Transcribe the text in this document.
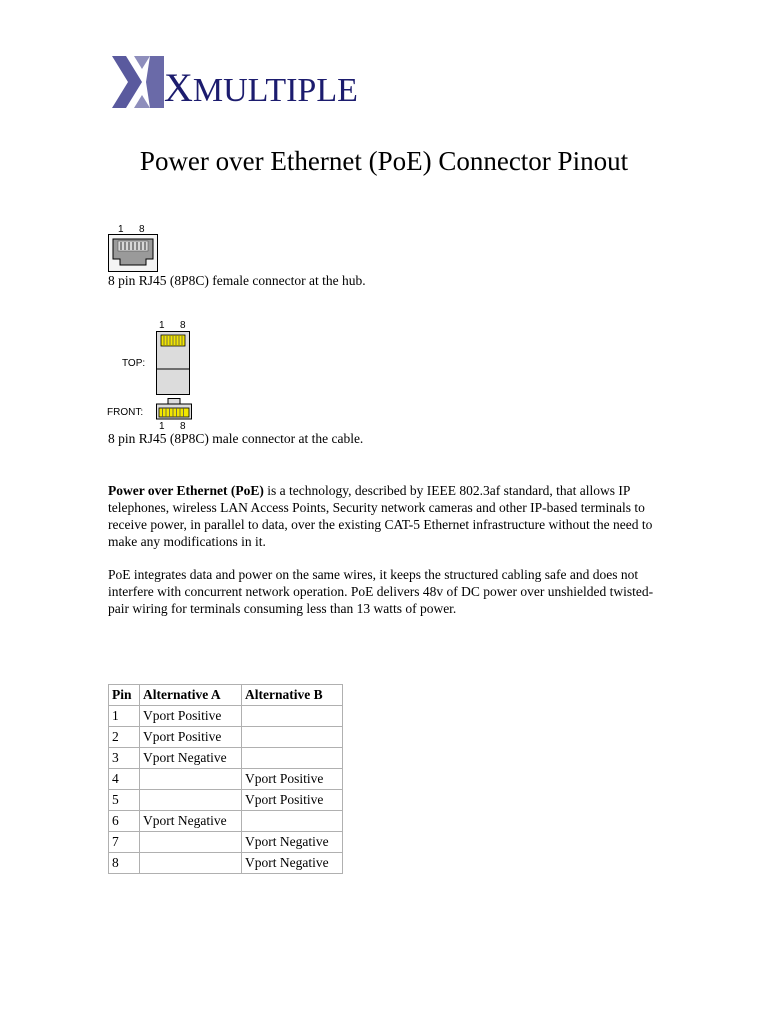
XMULTIPLE
Power over Ethernet (PoE) Connector Pinout
1 8
8 pin RJ45 (8P8C) female connector at the hub.
1 8
TOP:
FRONT:
1 8
8 pin RJ45 (8P8C) male connector at the cable.
Power over Ethernet (PoE) is a technology, described by IEEE 802.3af standard, that allows IP telephones, wireless LAN Access Points, Security network cameras and other IP-based terminals to receive power, in parallel to data, over the existing CAT-5 Ethernet infrastructure without the need to make any modifications in it.
PoE integrates data and power on the same wires, it keeps the structured cabling safe and does not interfere with concurrent network operation. PoE delivers 48v of DC power over unshielded twisted-pair wiring for terminals consuming less than 13 watts of power.
Pin	Alternative A	Alternative B
1	Vport Positive	
2	Vport Positive	
3	Vport Negative	
4		Vport Positive
5		Vport Positive
6	Vport Negative	
7		Vport Negative
8		Vport Negative
